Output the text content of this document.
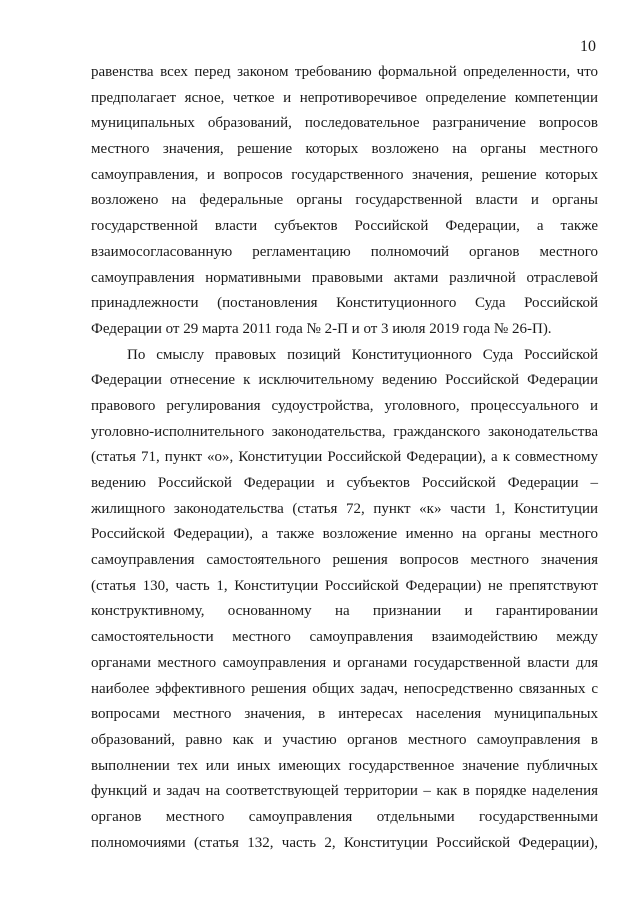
10
равенства всех перед законом требованию формальной определенности, что
предполагает ясное, четкое и непротиворечивое определение компетенции
муниципальных образований, последовательное разграничение вопросов
местного значения, решение которых возложено на органы местного
самоуправления, и вопросов государственного значения, решение которых
возложено на федеральные органы государственной власти и органы
государственной власти субъектов Российской Федерации, а также
взаимосогласованную регламентацию полномочий органов местного
самоуправления нормативными правовыми актами различной отраслевой
принадлежности (постановления Конституционного Суда Российской
Федерации от 29 марта 2011 года № 2-П и от 3 июля 2019 года № 26-П).
По смыслу правовых позиций Конституционного Суда Российской
Федерации отнесение к исключительному ведению Российской Федерации
правового регулирования судоустройства, уголовного, процессуального и
уголовно-исполнительного законодательства, гражданского законодательства
(статья 71, пункт «о», Конституции Российской Федерации), а к совместному
ведению Российской Федерации и субъектов Российской Федерации –
жилищного законодательства (статья 72, пункт «к» части 1, Конституции
Российской Федерации), а также возложение именно на органы местного
самоуправления самостоятельного решения вопросов местного значения
(статья 130, часть 1, Конституции Российской Федерации) не препятствуют
конструктивному, основанному на признании и гарантировании
самостоятельности местного самоуправления взаимодействию между
органами местного самоуправления и органами государственной власти для
наиболее эффективного решения общих задач, непосредственно связанных с
вопросами местного значения, в интересах населения муниципальных
образований, равно как и участию органов местного самоуправления в
выполнении тех или иных имеющих государственное значение публичных
функций и задач на соответствующей территории – как в порядке наделения
органов местного самоуправления отдельными государственными
полномочиями (статья 132, часть 2, Конституции Российской Федерации),
